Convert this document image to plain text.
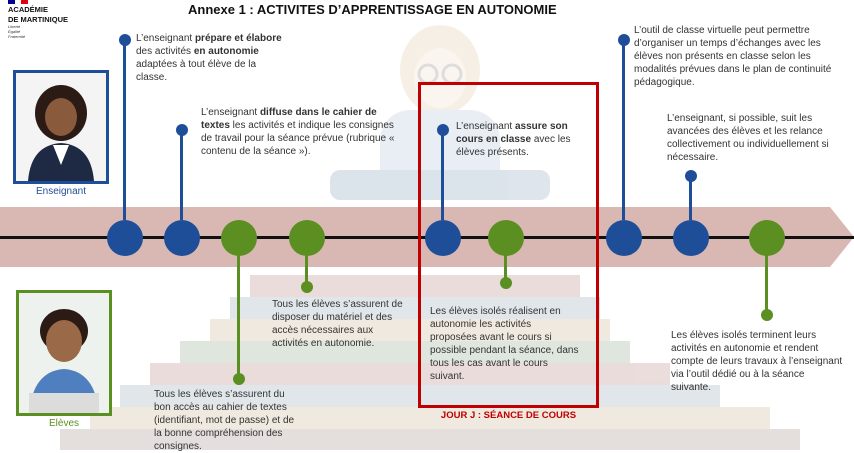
ACADÉMIE
DE MARTINIQUE
Liberté
Égalité
Fraternité
Annexe 1 : ACTIVITES D’APPRENTISSAGE EN AUTONOMIE
Enseignant
Elèves
JOUR J : SÉANCE DE COURS
L’enseignant prépare et élabore des activités en autonomie adaptées à tout élève de la classe.
L’enseignant diffuse dans le cahier de textes les activités et indique les consignes de travail pour la séance prévue (rubrique « contenu de la séance »).
L’enseignant assure son cours en classe avec les élèves présents.
L’outil de classe virtuelle peut permettre d’organiser un temps d’échanges avec les élèves non présents en classe selon les modalités prévues dans le plan de continuité pédagogique.
L’enseignant, si possible, suit les avancées des élèves et les relance collectivement ou individuellement si nécessaire.
Tous les élèves s’assurent du bon accès au cahier de textes (identifiant, mot de passe) et de la bonne compréhension des consignes.
Tous les élèves s’assurent de disposer du matériel et des accès nécessaires aux activités en autonomie.
Les élèves isolés réalisent en autonomie les activités proposées avant le cours si possible pendant la séance, dans tous les cas avant le cours suivant.
Les élèves isolés terminent leurs activités en autonomie et rendent compte de leurs travaux à l’enseignant via l’outil dédié ou à la séance suivante.
